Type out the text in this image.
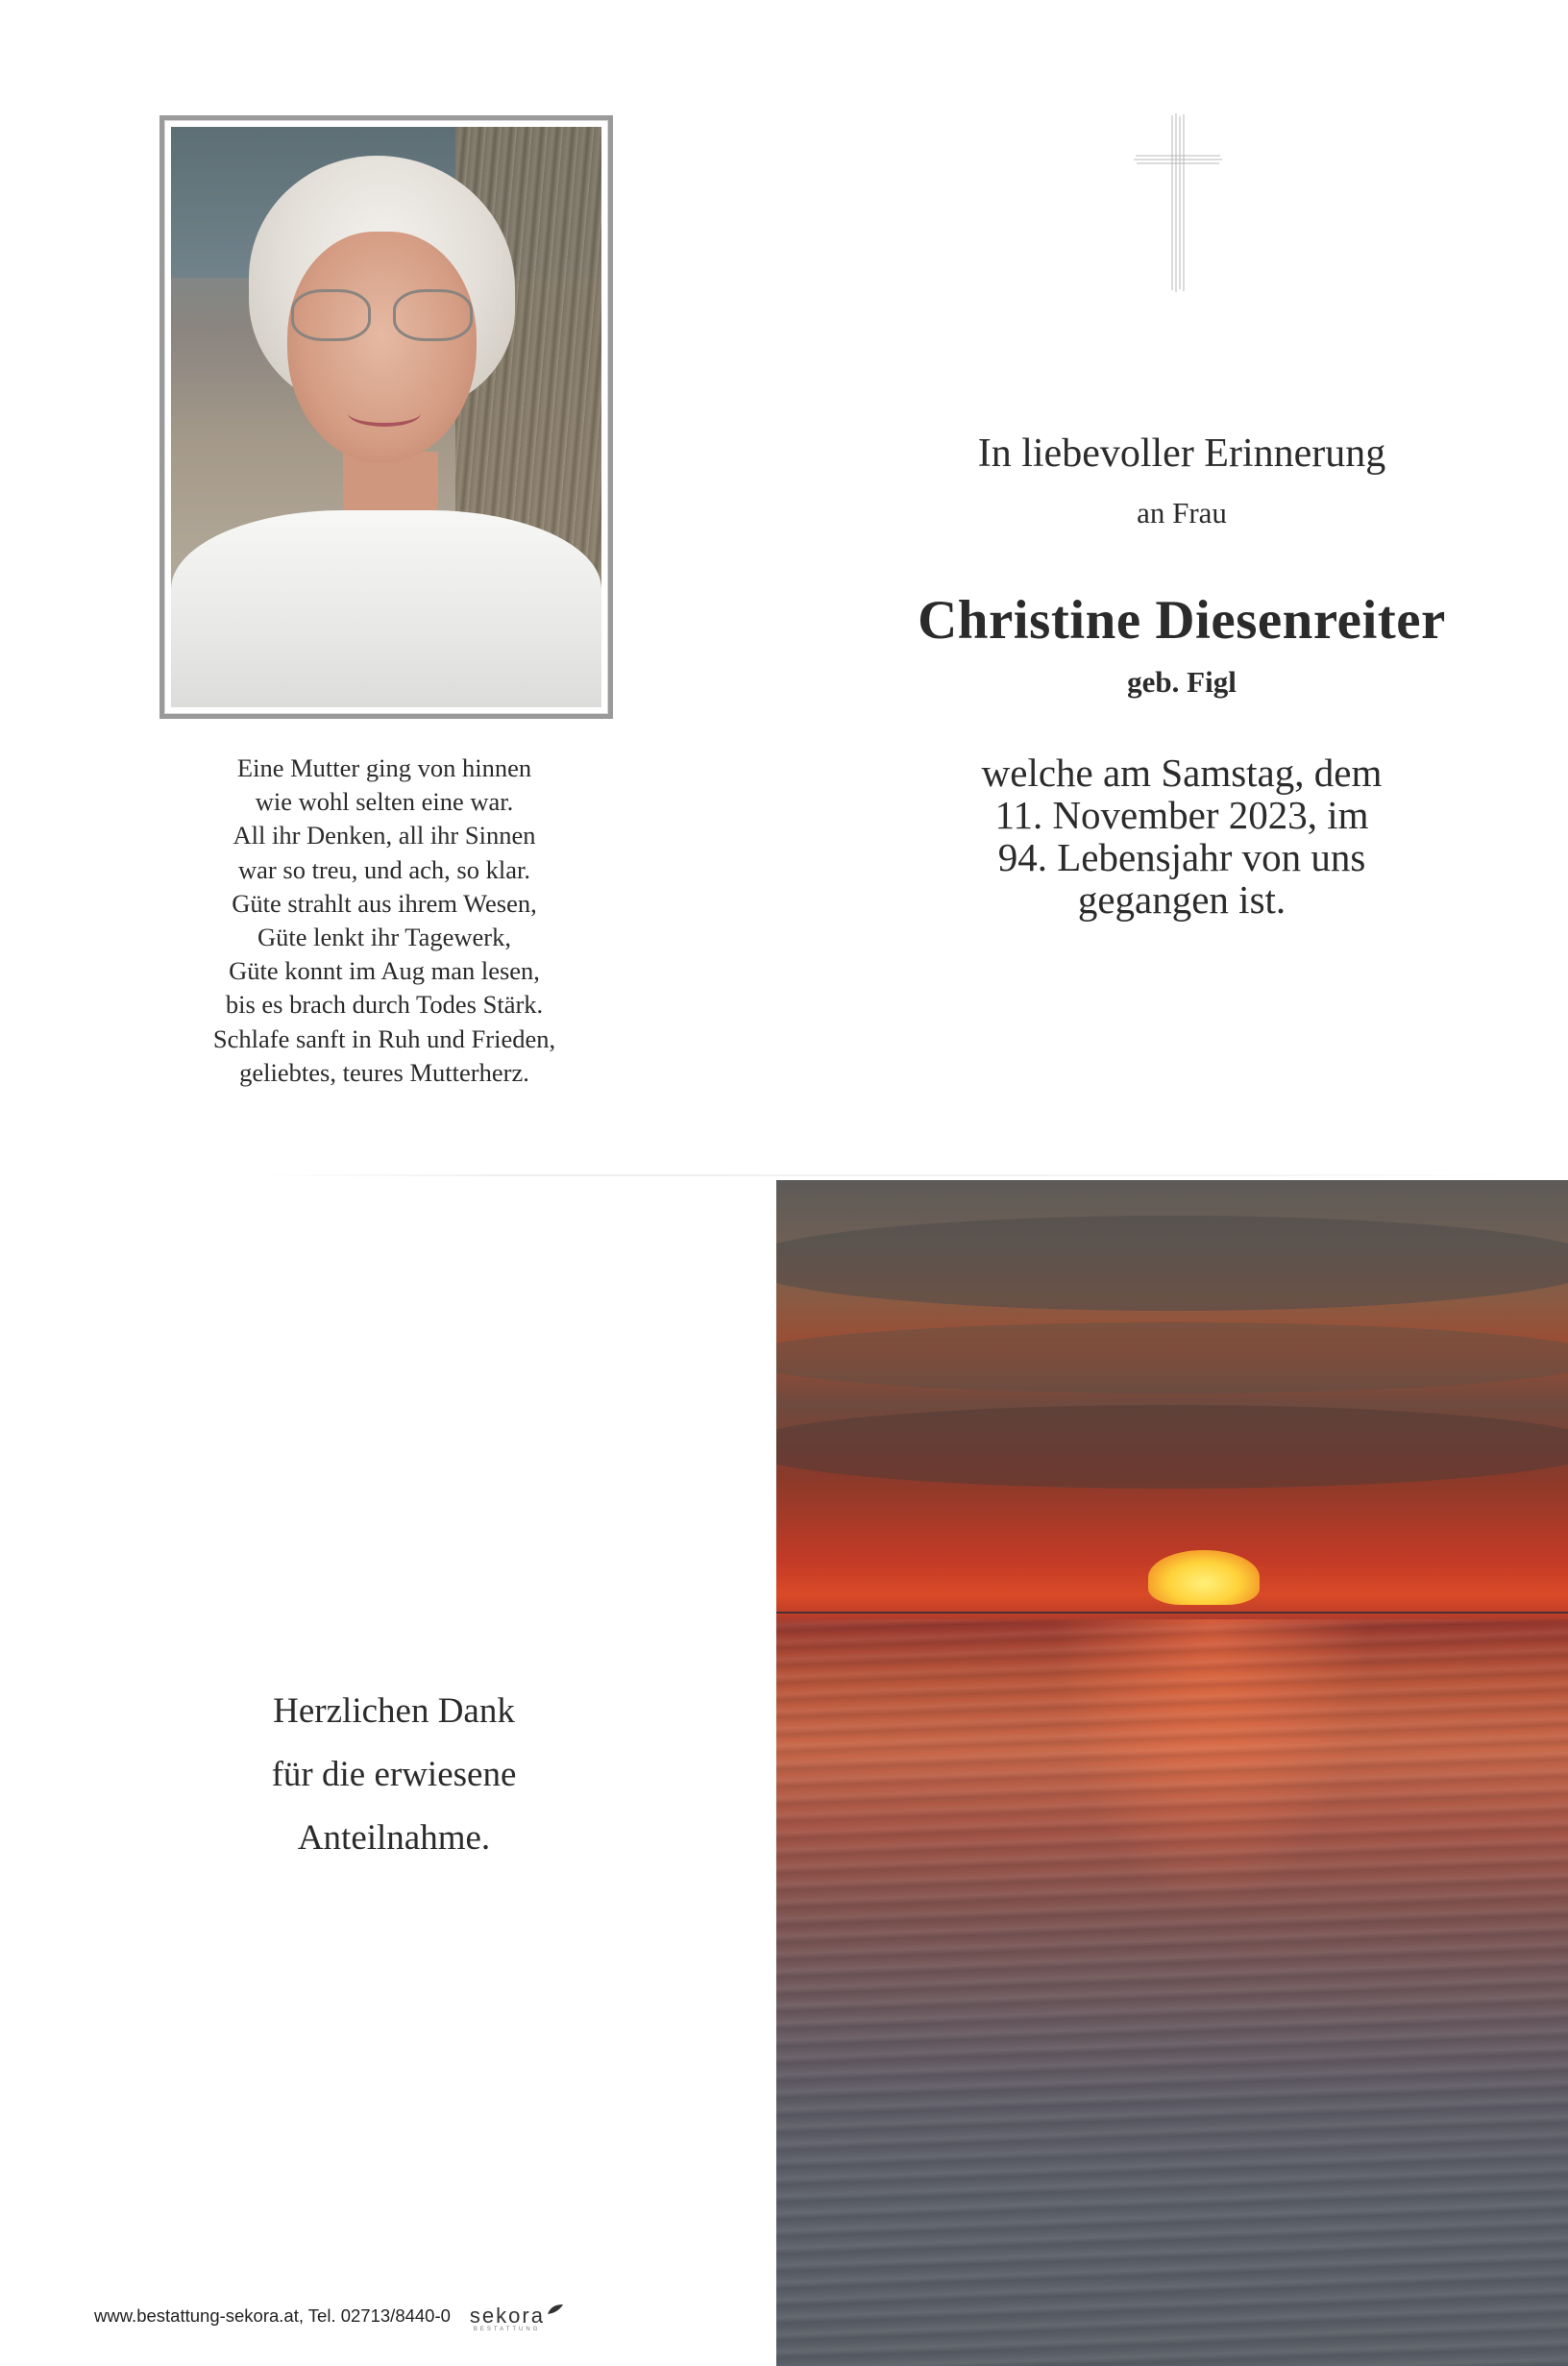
Eine Mutter ging von hinnen
wie wohl selten eine war.
All ihr Denken, all ihr Sinnen
war so treu, und ach, so klar.
Güte strahlt aus ihrem Wesen,
Güte lenkt ihr Tagewerk,
Güte konnt im Aug man lesen,
bis es brach durch Todes Stärk.
Schlafe sanft in Ruh und Frieden,
geliebtes, teures Mutterherz.
In liebevoller Erinnerung
an Frau
Christine Diesenreiter
geb. Figl
welche am Samstag, dem
11. November 2023, im
94. Lebensjahr von uns
gegangen ist.
Herzlichen Dank
für die erwiesene
Anteilnahme.
www.bestattung-sekora.at, Tel. 02713/8440-0 sekora
BESTATTUNG
